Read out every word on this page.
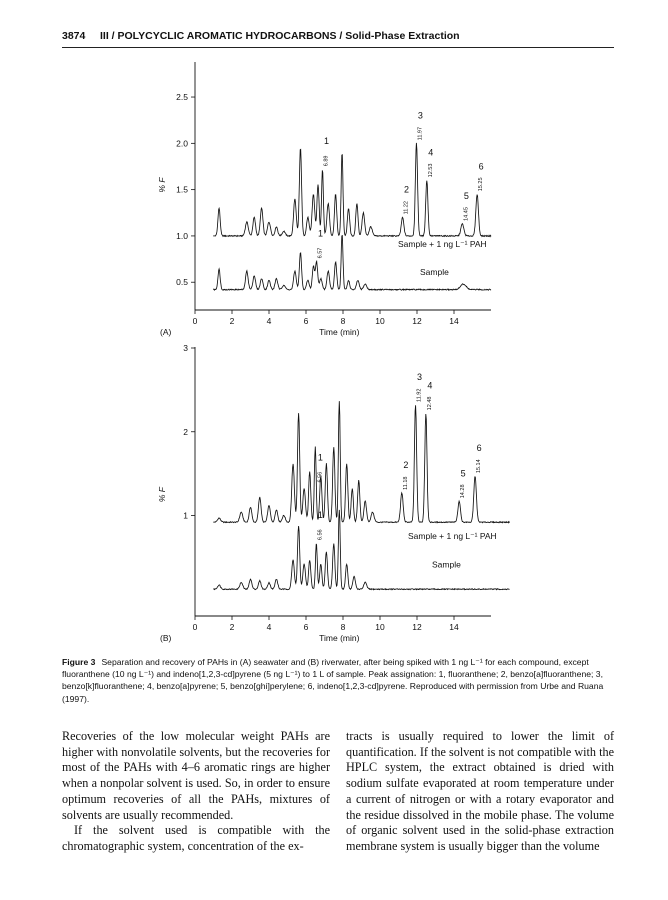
3874 III / POLYCYCLIC AROMATIC HYDROCARBONS / Solid-Phase Extraction
0	2	4	6	8	10	12	14
0.5
1.0
1.5
2.0
2.5
Time (min)
% F
(A)
6.89
1
11.22
2
11.97
3
12.53
4
14.45
5
15.25
6
Sample + 1 ng L⁻¹ PAH
6.57
1
Sample
0	2	4	6	8	10	12	14
1
2
3
Time (min)
% F
(B)
6.56
1
11.18
2
11.92
3
12.48
4
14.28
5
15.14
6
Sample + 1 ng L⁻¹ PAH
6.56
1
Sample
Figure 3 Separation and recovery of PAHs in (A) seawater and (B) riverwater, after being spiked with 1 ng L⁻¹ for each compound, except fluoranthene (10 ng L⁻¹) and indeno[1,2,3-cd]pyrene (5 ng L⁻¹) to 1 L of sample. Peak assignation: 1, fluoranthene; 2, benzo[a]fluoranthene; 3, benzo[k]fluoranthene; 4, benzo[a]pyrene; 5, benzo[ghi]perylene; 6, indeno[1,2,3-cd]pyrene. Reproduced with permission from Urbe and Ruana (1997).

Recoveries of the low molecular weight PAHs are higher with nonvolatile solvents, but the recoveries for most of the PAHs with 4–6 aromatic rings are higher when a nonpolar solvent is used. So, in order to ensure optimum recoveries of all the PAHs, mixtures of solvents are usually recommended.

If the solvent used is compatible with the chromatographic system, concentration of the ex-

tracts is usually required to lower the limit of quantification. If the solvent is not compatible with the HPLC system, the extract obtained is dried with sodium sulfate evaporated at room temperature under a current of nitrogen or with a rotary evaporator and the residue dissolved in the mobile phase. The volume of organic solvent used in the solid-phase extraction membrane system is usually bigger than the volume
